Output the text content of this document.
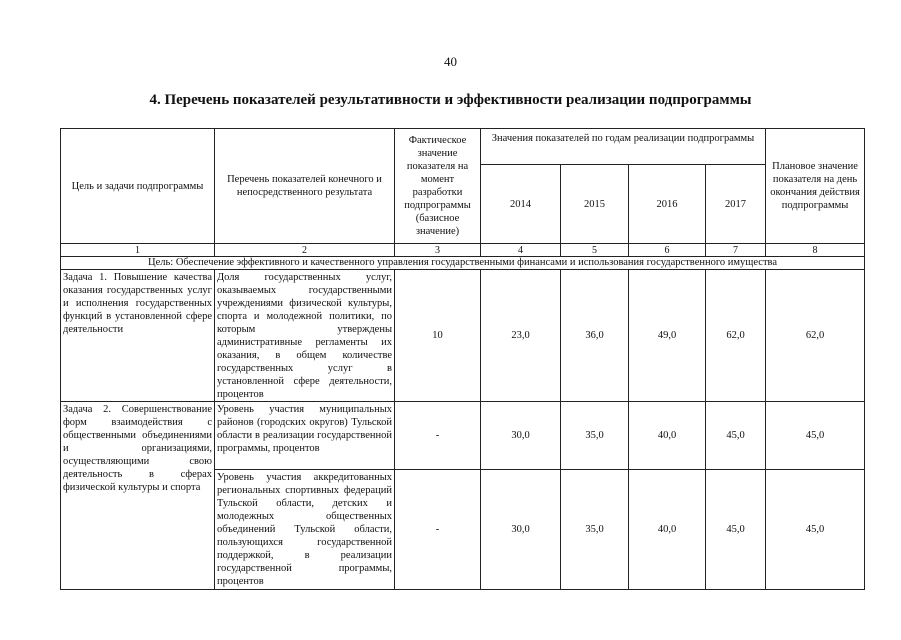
40
4. Перечень показателей результативности и эффективности реализации подпрограммы
Цель и задачи подпрограммы	Перечень показателей конечного и непосредственного результата	Фактическое значение показателя на момент разработки подпрограммы (базисное значение)	Значения показателей по годам реализации подпрограммы				Плановое значение показателя на день окончания действия подпрограммы
			2014	2015	2016	2017	
1	2	3	4	5	6	7	8
Цель: Обеспечение эффективного и качественного управления государственными финансами и использования государственного имущества							
Задача 1. Повышение качества оказания государственных услуг и исполнения государственных функций в установленной сфере деятельности	Доля государственных услуг, оказываемых государственными учреждениями физической культуры, спорта и молодежной политики, по которым утверждены административные регламенты их оказания, в общем количестве государственных услуг в установленной сфере деятельности, процентов	10	23,0	36,0	49,0	62,0	62,0
Задача 2. Совершенствование форм взаимодействия с общественными объединениями и организациями, осуществляющими свою деятельность в сферах физической культуры и спорта	Уровень участия муниципальных районов (городских округов) Тульской области в реализации государственной программы, процентов	-	30,0	35,0	40,0	45,0	45,0
	Уровень участия аккредитованных региональных спортивных федераций Тульской области, детских и молодежных общественных объединений Тульской области, пользующихся государственной поддержкой, в реализации государственной программы, процентов	-	30,0	35,0	40,0	45,0	45,0
